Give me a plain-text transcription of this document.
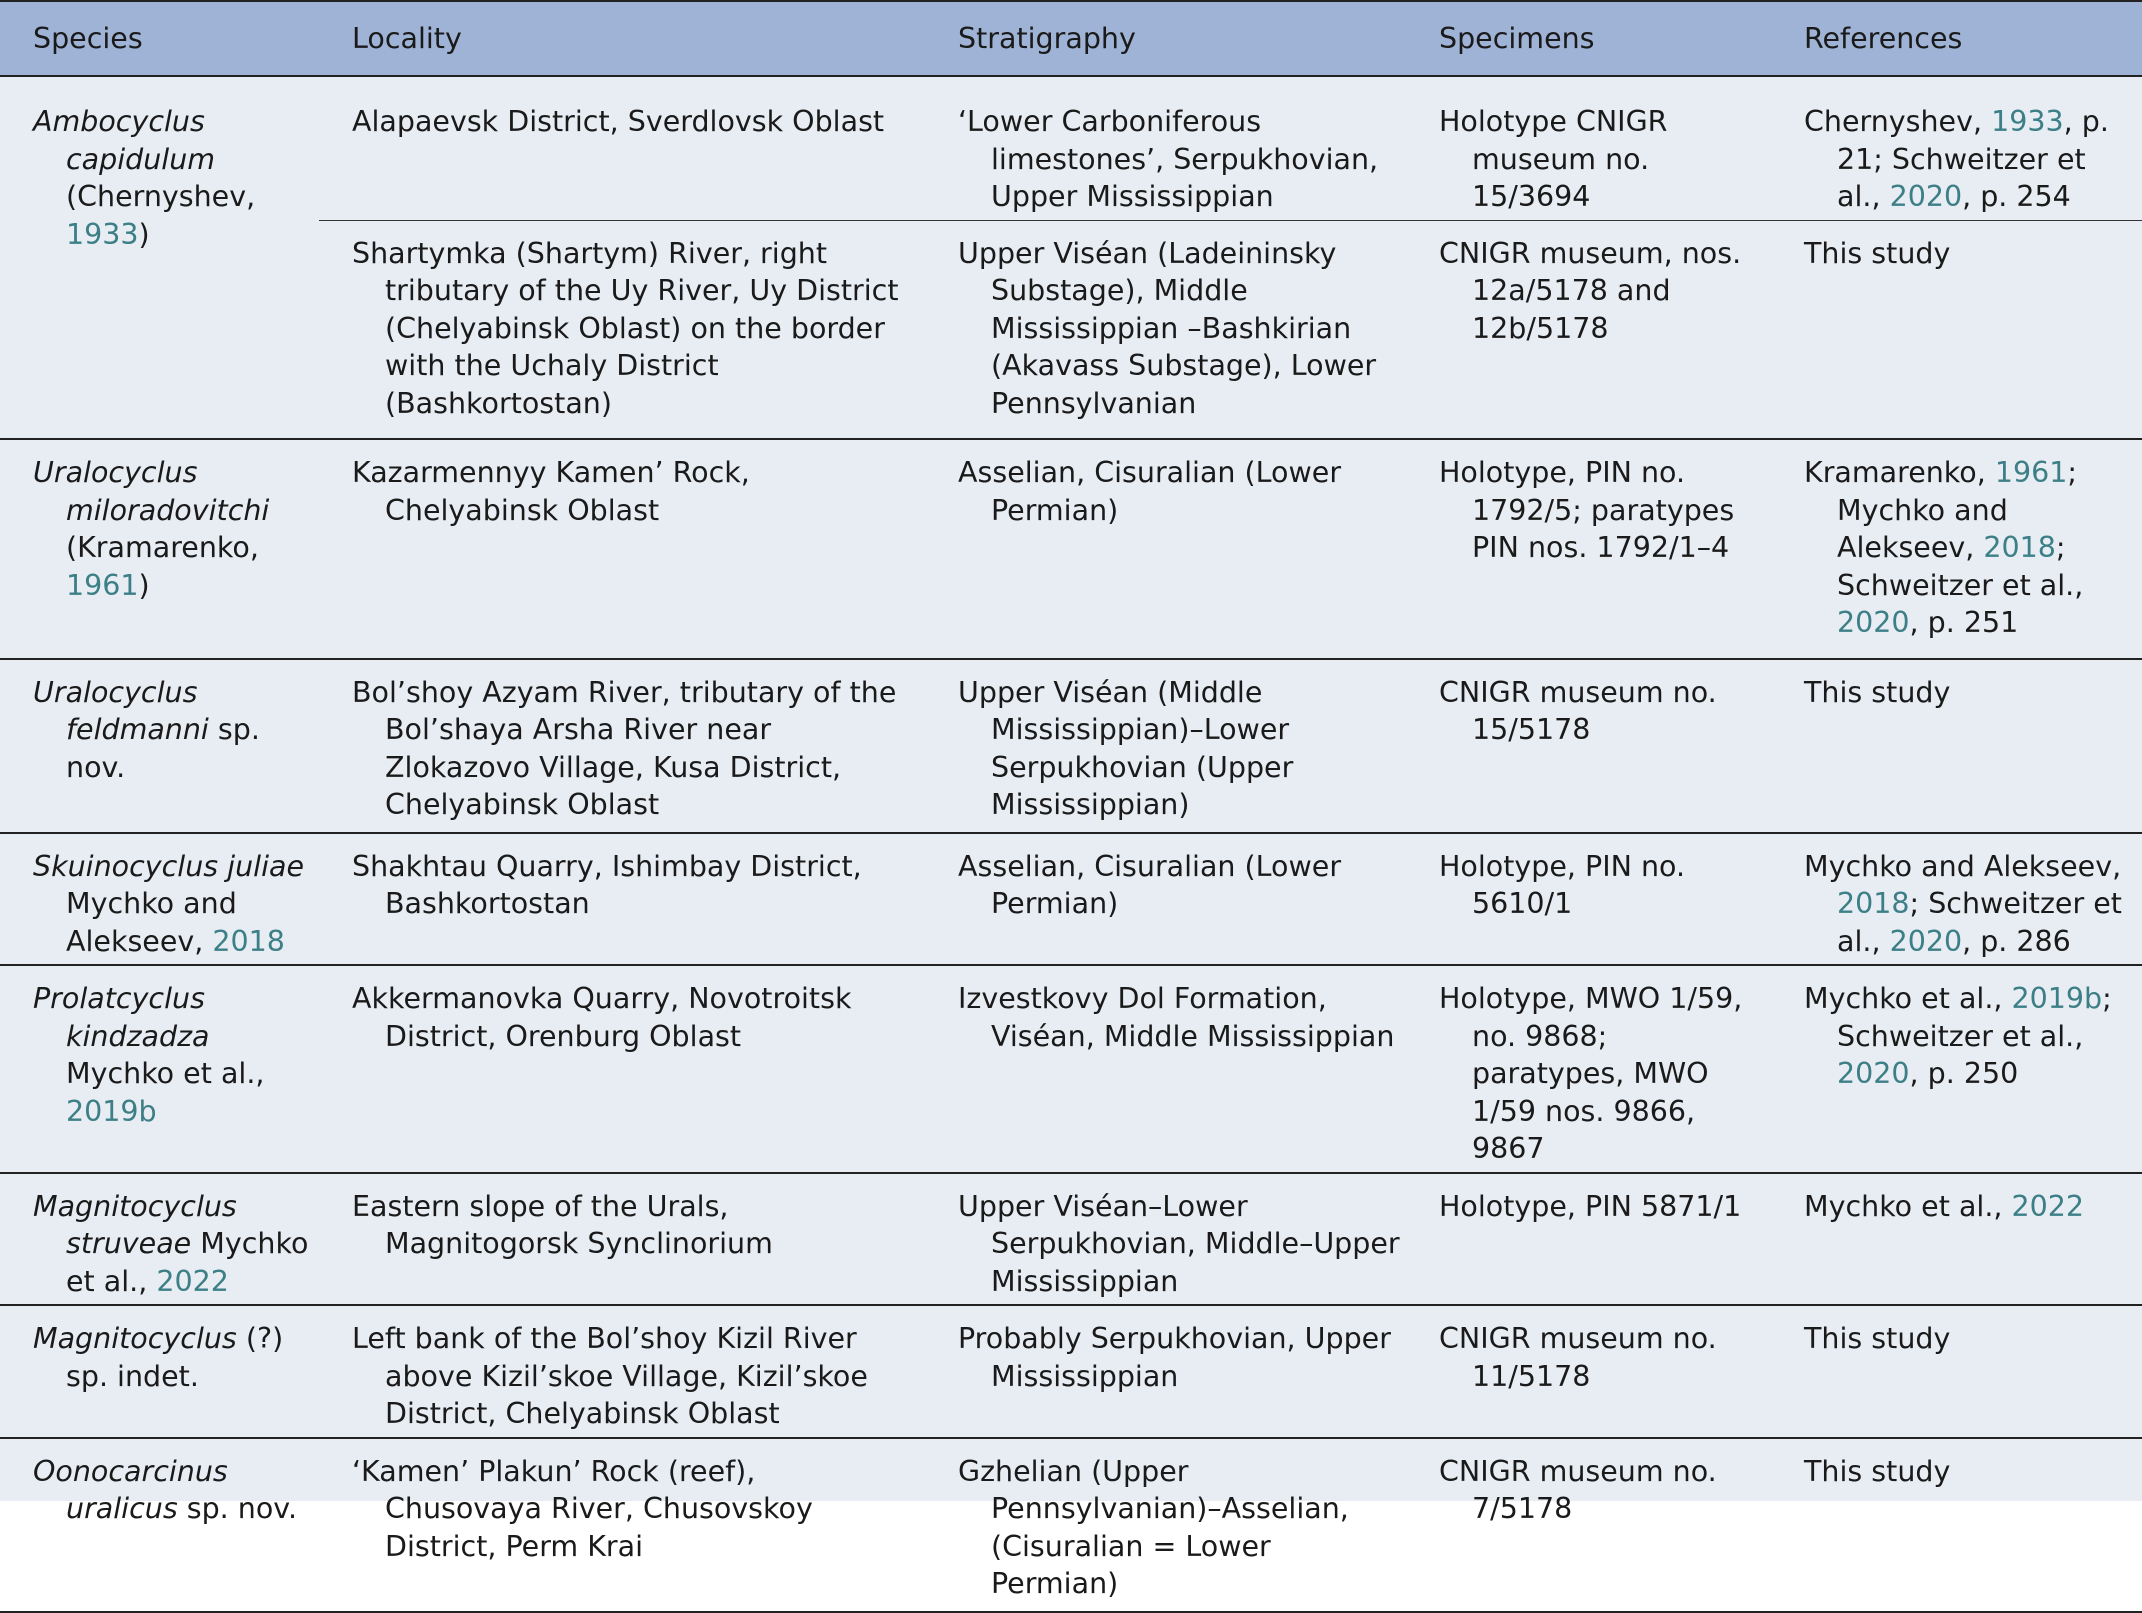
Species	Locality	Stratigraphy	Specimens	References

Ambocyclus capidulum (Chernyshev, 1933)	Alapaevsk District, Sverdlovsk Oblast	‘Lower Carboniferous limestones’, Serpukhovian, Upper Mississippian	Holotype CNIGR museum no. 15/3694	Chernyshev, 1933, p. 21; Schweitzer et al., 2020, p. 254

	Shartymka (Shartym) River, right tributary of the Uy River, Uy District (Chelyabinsk Oblast) on the border with the Uchaly District (Bashkortostan)	Upper Viséan (Ladeininsky Substage), Middle Mississippian –Bashkirian (Akavass Substage), Lower Pennsylvanian	CNIGR museum, nos. 12a/5178 and 12b/5178	This study

Uralocyclus miloradovitchi (Kramarenko, 1961)	Kazarmennyy Kamen’ Rock, Chelyabinsk Oblast	Asselian, Cisuralian (Lower Permian)	Holotype, PIN no. 1792/5; paratypes PIN nos. 1792/1–4	Kramarenko, 1961; Mychko and Alekseev, 2018; Schweitzer et al., 2020, p. 251

Uralocyclus feldmanni sp. nov.	Bol’shoy Azyam River, tributary of the Bol’shaya Arsha River near Zlokazovo Village, Kusa District, Chelyabinsk Oblast	Upper Viséan (Middle Mississippian)–Lower Serpukhovian (Upper Mississippian)	CNIGR museum no. 15/5178	This study

Skuinocyclus juliae Mychko and Alekseev, 2018	Shakhtau Quarry, Ishimbay District, Bashkortostan	Asselian, Cisuralian (Lower Permian)	Holotype, PIN no. 5610/1	Mychko and Alekseev, 2018; Schweitzer et al., 2020, p. 286

Prolatcyclus kindzadza Mychko et al., 2019b	Akkermanovka Quarry, Novotroitsk District, Orenburg Oblast	Izvestkovy Dol Formation, Viséan, Middle Mississippian	Holotype, MWO 1/59, no. 9868; paratypes, MWO 1/59 nos. 9866, 9867	Mychko et al., 2019b; Schweitzer et al., 2020, p. 250

Magnitocyclus struveae Mychko et al., 2022	Eastern slope of the Urals, Magnitogorsk Synclinorium	Upper Viséan–Lower Serpukhovian, Middle–Upper Mississippian	Holotype, PIN 5871/1	Mychko et al., 2022

Magnitocyclus (?) sp. indet.	Left bank of the Bol’shoy Kizil River above Kizil’skoe Village, Kizil’skoe District, Chelyabinsk Oblast	Probably Serpukhovian, Upper Mississippian	CNIGR museum no. 11/5178	This study

Oonocarcinus uralicus sp. nov.	‘Kamen’ Plakun’ Rock (reef), Chusovaya River, Chusovskoy District, Perm Krai	Gzhelian (Upper Pennsylvanian)–Asselian, (Cisuralian = Lower Permian)	CNIGR museum no. 7/5178	This study
